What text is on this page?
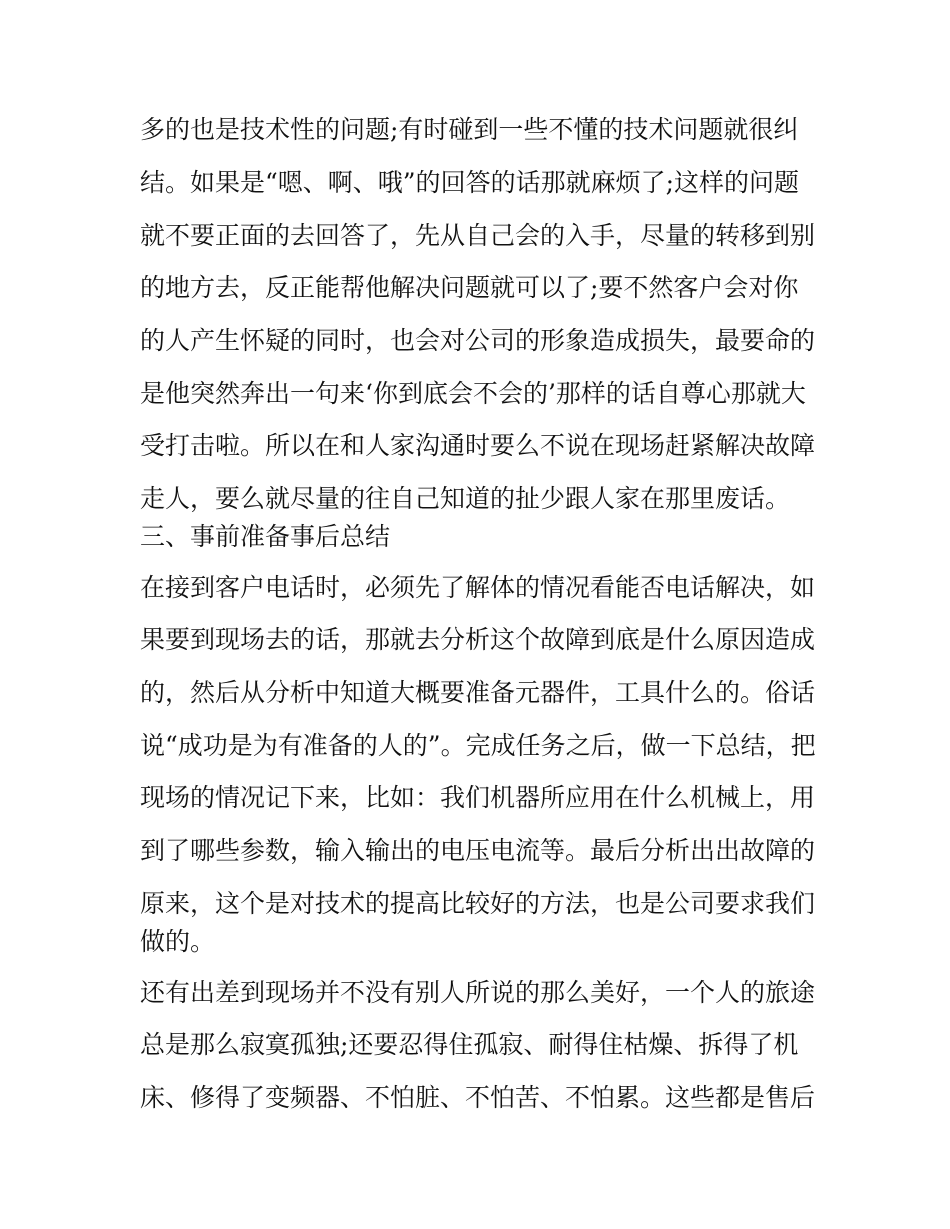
多的也是技术性的问题;有时碰到一些不懂的技术问题就很纠
结。如果是“嗯、啊、哦”的回答的话那就麻烦了;这样的问题
就不要正面的去回答了，先从自己会的入手，尽量的转移到别
的地方去，反正能帮他解决问题就可以了;要不然客户会对你
的人产生怀疑的同时，也会对公司的形象造成损失，最要命的
是他突然奔出一句来‘你到底会不会的’那样的话自尊心那就大
受打击啦。所以在和人家沟通时要么不说在现场赶紧解决故障
走人，要么就尽量的往自己知道的扯少跟人家在那里废话。
三、事前准备事后总结
在接到客户电话时，必须先了解体的情况看能否电话解决，如
果要到现场去的话，那就去分析这个故障到底是什么原因造成
的，然后从分析中知道大概要准备元器件，工具什么的。俗话
说“成功是为有准备的人的”。完成任务之后，做一下总结，把
现场的情况记下来，比如：我们机器所应用在什么机械上，用
到了哪些参数，输入输出的电压电流等。最后分析出出故障的
原来，这个是对技术的提高比较好的方法，也是公司要求我们
做的。
还有出差到现场并不没有别人所说的那么美好，一个人的旅途
总是那么寂寞孤独;还要忍得住孤寂、耐得住枯燥、拆得了机
床、修得了变频器、不怕脏、不怕苦、不怕累。这些都是售后
